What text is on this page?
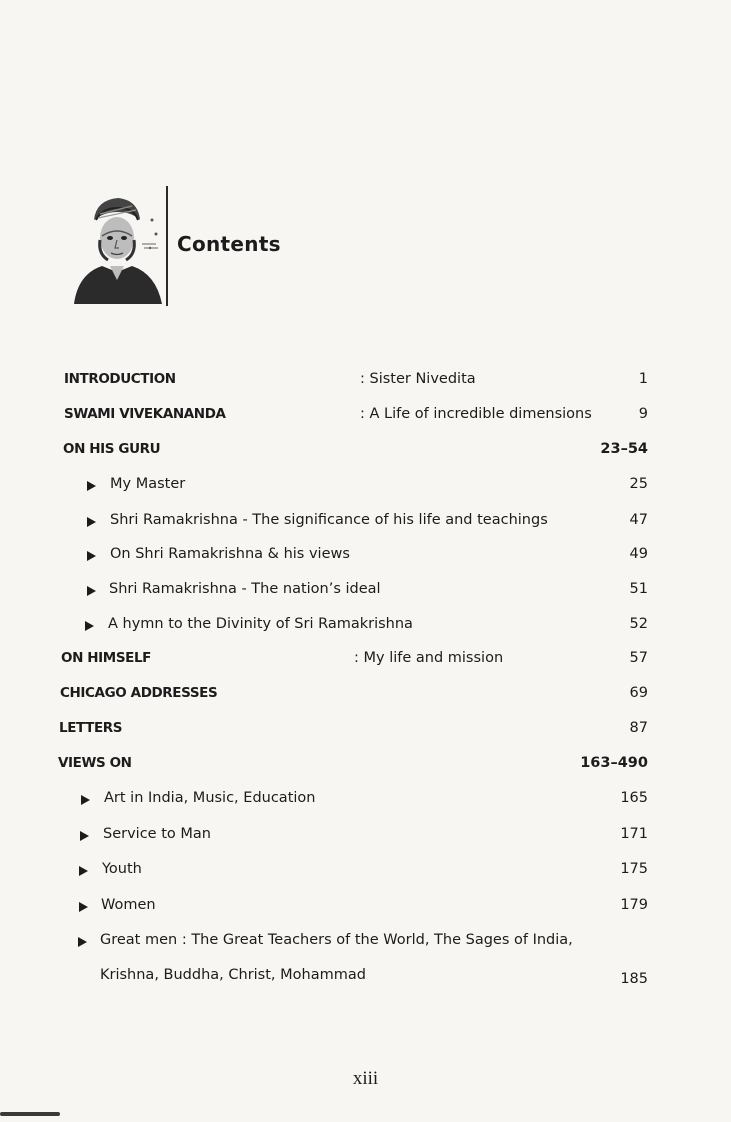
Contents
INTRODUCTION	: Sister Nivedita	1
SWAMI VIVEKANANDA	: A Life of incredible dimensions	9
ON HIS GURU	23–54
My Master	25
Shri Ramakrishna - The significance of his life and teachings	47
On Shri Ramakrishna & his views	49
Shri Ramakrishna - The nation’s ideal	51
A hymn to the Divinity of Sri Ramakrishna	52
ON HIMSELF	: My life and mission	57
CHICAGO ADDRESSES	69
LETTERS	87
VIEWS ON	163–490
Art in India, Music, Education	165
Service to Man	171
Youth	175
Women	179
Great men : The Great Teachers of the World, The Sages of India,
Krishna, Buddha, Christ, Mohammad	185
xiii
